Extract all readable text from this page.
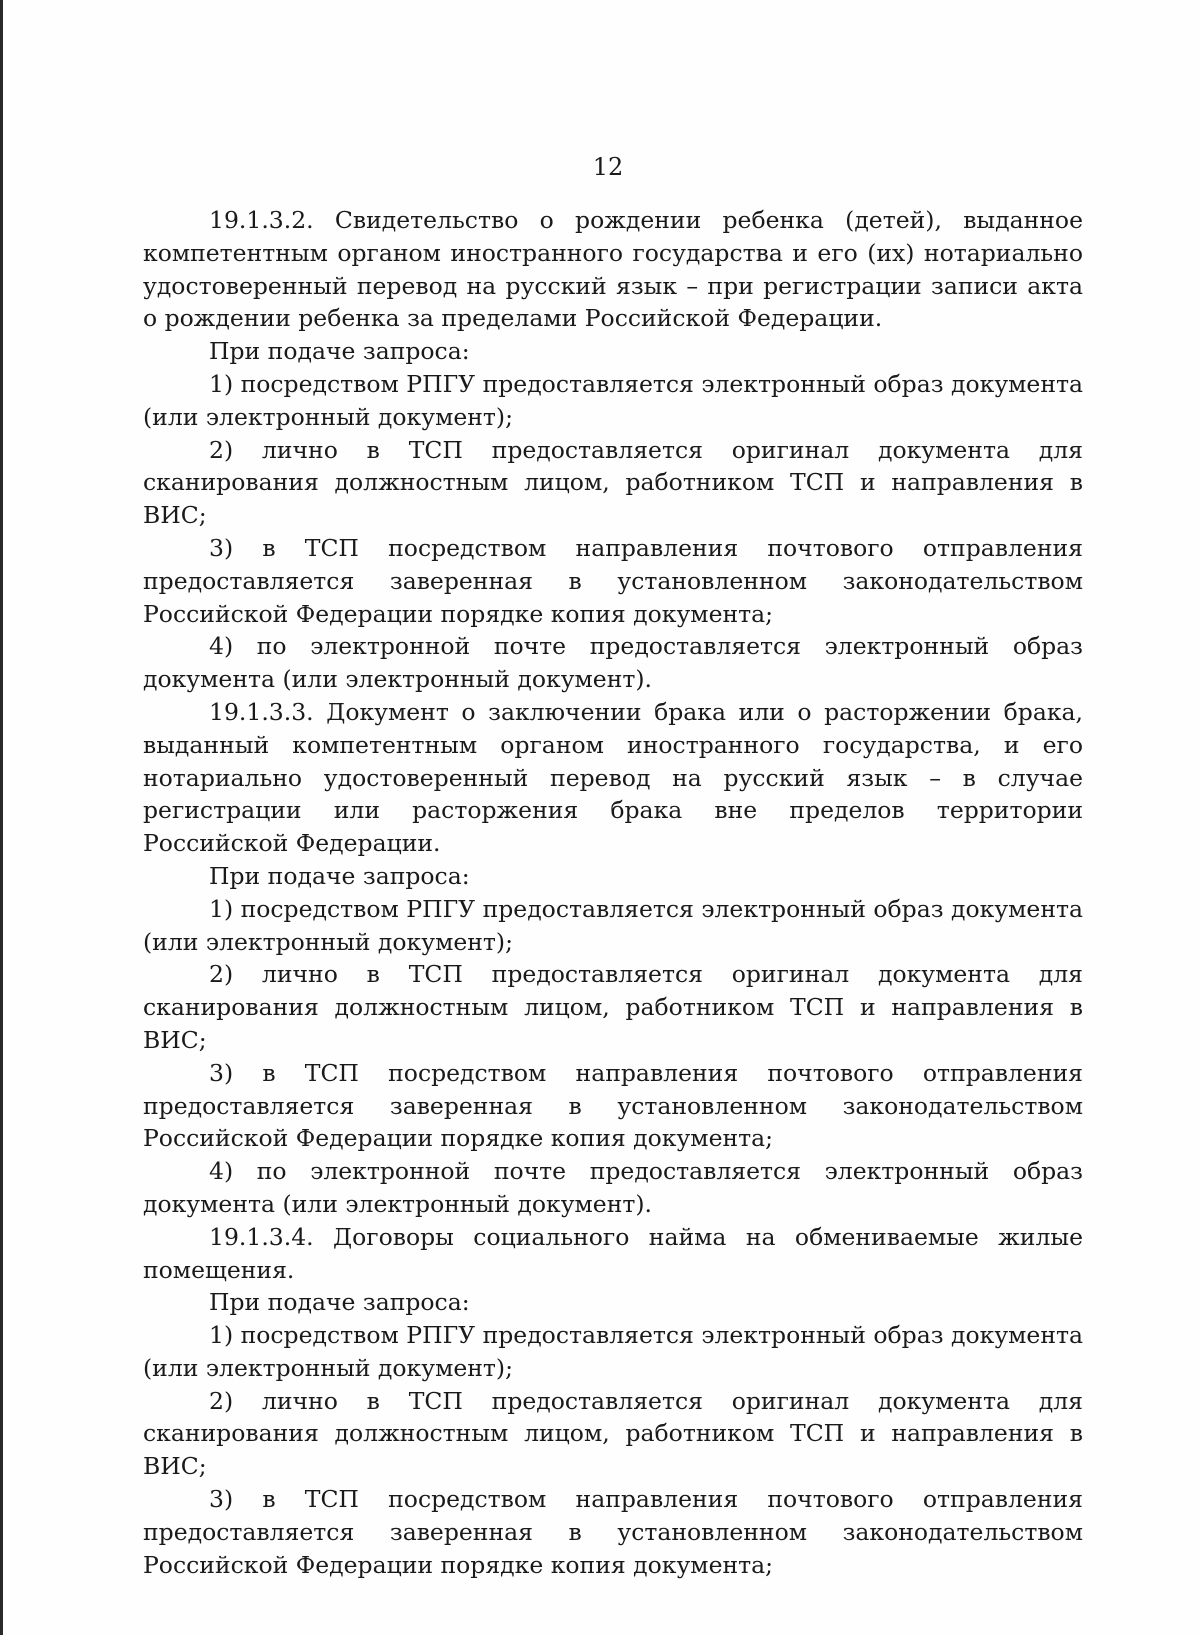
12

19.1.3.2. Свидетельство о рождении ребенка (детей), выданное компетентным органом иностранного государства и его (их) нотариально удостоверенный перевод на русский язык – при регистрации записи акта о рождении ребенка за пределами Российской Федерации.

При подаче запроса:

1) посредством РПГУ предоставляется электронный образ документа (или электронный документ);

2) лично в ТСП предоставляется оригинал документа для сканирования должностным лицом, работником ТСП и направления в ВИС;

3) в ТСП посредством направления почтового отправления предоставляется заверенная в установленном законодательством Российской Федерации порядке копия документа;

4) по электронной почте предоставляется электронный образ документа (или электронный документ).

19.1.3.3. Документ о заключении брака или о расторжении брака, выданный компетентным органом иностранного государства, и его нотариально удостоверенный перевод на русский язык – в случае регистрации или расторжения брака вне пределов территории Российской Федерации.

При подаче запроса:

1) посредством РПГУ предоставляется электронный образ документа (или электронный документ);

2) лично в ТСП предоставляется оригинал документа для сканирования должностным лицом, работником ТСП и направления в ВИС;

3) в ТСП посредством направления почтового отправления предоставляется заверенная в установленном законодательством Российской Федерации порядке копия документа;

4) по электронной почте предоставляется электронный образ документа (или электронный документ).

19.1.3.4. Договоры социального найма на обмениваемые жилые помещения.

При подаче запроса:

1) посредством РПГУ предоставляется электронный образ документа (или электронный документ);

2) лично в ТСП предоставляется оригинал документа для сканирования должностным лицом, работником ТСП и направления в ВИС;

3) в ТСП посредством направления почтового отправления предоставляется заверенная в установленном законодательством Российской Федерации порядке копия документа;
